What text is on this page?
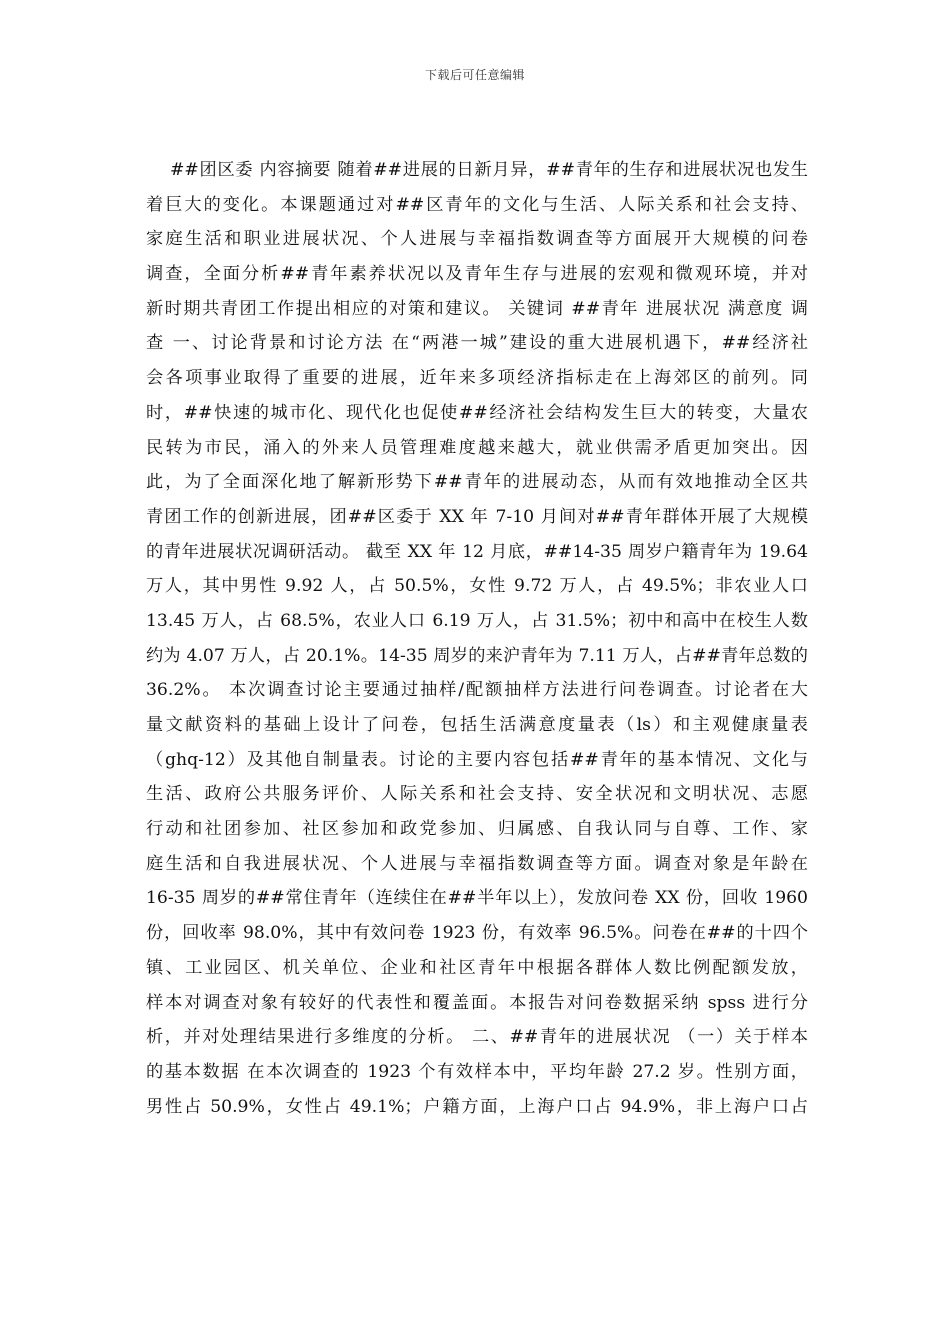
下载后可任意编辑
##团区委 内容摘要 随着##进展的日新月异，##青年的生存和进展状况也发生
着巨大的变化。本课题通过对##区青年的文化与生活、人际关系和社会支持、
家庭生活和职业进展状况、个人进展与幸福指数调查等方面展开大规模的问卷
调查，全面分析##青年素养状况以及青年生存与进展的宏观和微观环境，并对
新时期共青团工作提出相应的对策和建议。 关键词 ##青年 进展状况 满意度 调
查 一、讨论背景和讨论方法 在“两港一城”建设的重大进展机遇下，##经济社
会各项事业取得了重要的进展，近年来多项经济指标走在上海郊区的前列。同
时，##快速的城市化、现代化也促使##经济社会结构发生巨大的转变，大量农
民转为市民，涌入的外来人员管理难度越来越大，就业供需矛盾更加突出。因
此，为了全面深化地了解新形势下##青年的进展动态，从而有效地推动全区共
青团工作的创新进展，团##区委于 XX 年 7-10 月间对##青年群体开展了大规模
的青年进展状况调研活动。 截至 XX 年 12 月底，##14-35 周岁户籍青年为 19.64
万人，其中男性 9.92 人，占 50.5%，女性 9.72 万人，占 49.5%；非农业人口
13.45 万人，占 68.5%，农业人口 6.19 万人，占 31.5%；初中和高中在校生人数
约为 4.07 万人，占 20.1%。14-35 周岁的来沪青年为 7.11 万人，占##青年总数的
36.2%。 本次调查讨论主要通过抽样/配额抽样方法进行问卷调查。讨论者在大
量文献资料的基础上设计了问卷，包括生活满意度量表（ls）和主观健康量表
（ghq-12）及其他自制量表。讨论的主要内容包括##青年的基本情况、文化与
生活、政府公共服务评价、人际关系和社会支持、安全状况和文明状况、志愿
行动和社团参加、社区参加和政党参加、归属感、自我认同与自尊、工作、家
庭生活和自我进展状况、个人进展与幸福指数调查等方面。调查对象是年龄在
16-35 周岁的##常住青年（连续住在##半年以上），发放问卷 XX 份，回收 1960
份，回收率 98.0%，其中有效问卷 1923 份，有效率 96.5%。问卷在##的十四个
镇、工业园区、机关单位、企业和社区青年中根据各群体人数比例配额发放，
样本对调查对象有较好的代表性和覆盖面。本报告对问卷数据采纳 spss 进行分
析，并对处理结果进行多维度的分析。 二、##青年的进展状况 （一）关于样本
的基本数据 在本次调查的 1923 个有效样本中，平均年龄 27.2 岁。性别方面，
男性占 50.9%，女性占 49.1%；户籍方面，上海户口占 94.9%，非上海户口占
